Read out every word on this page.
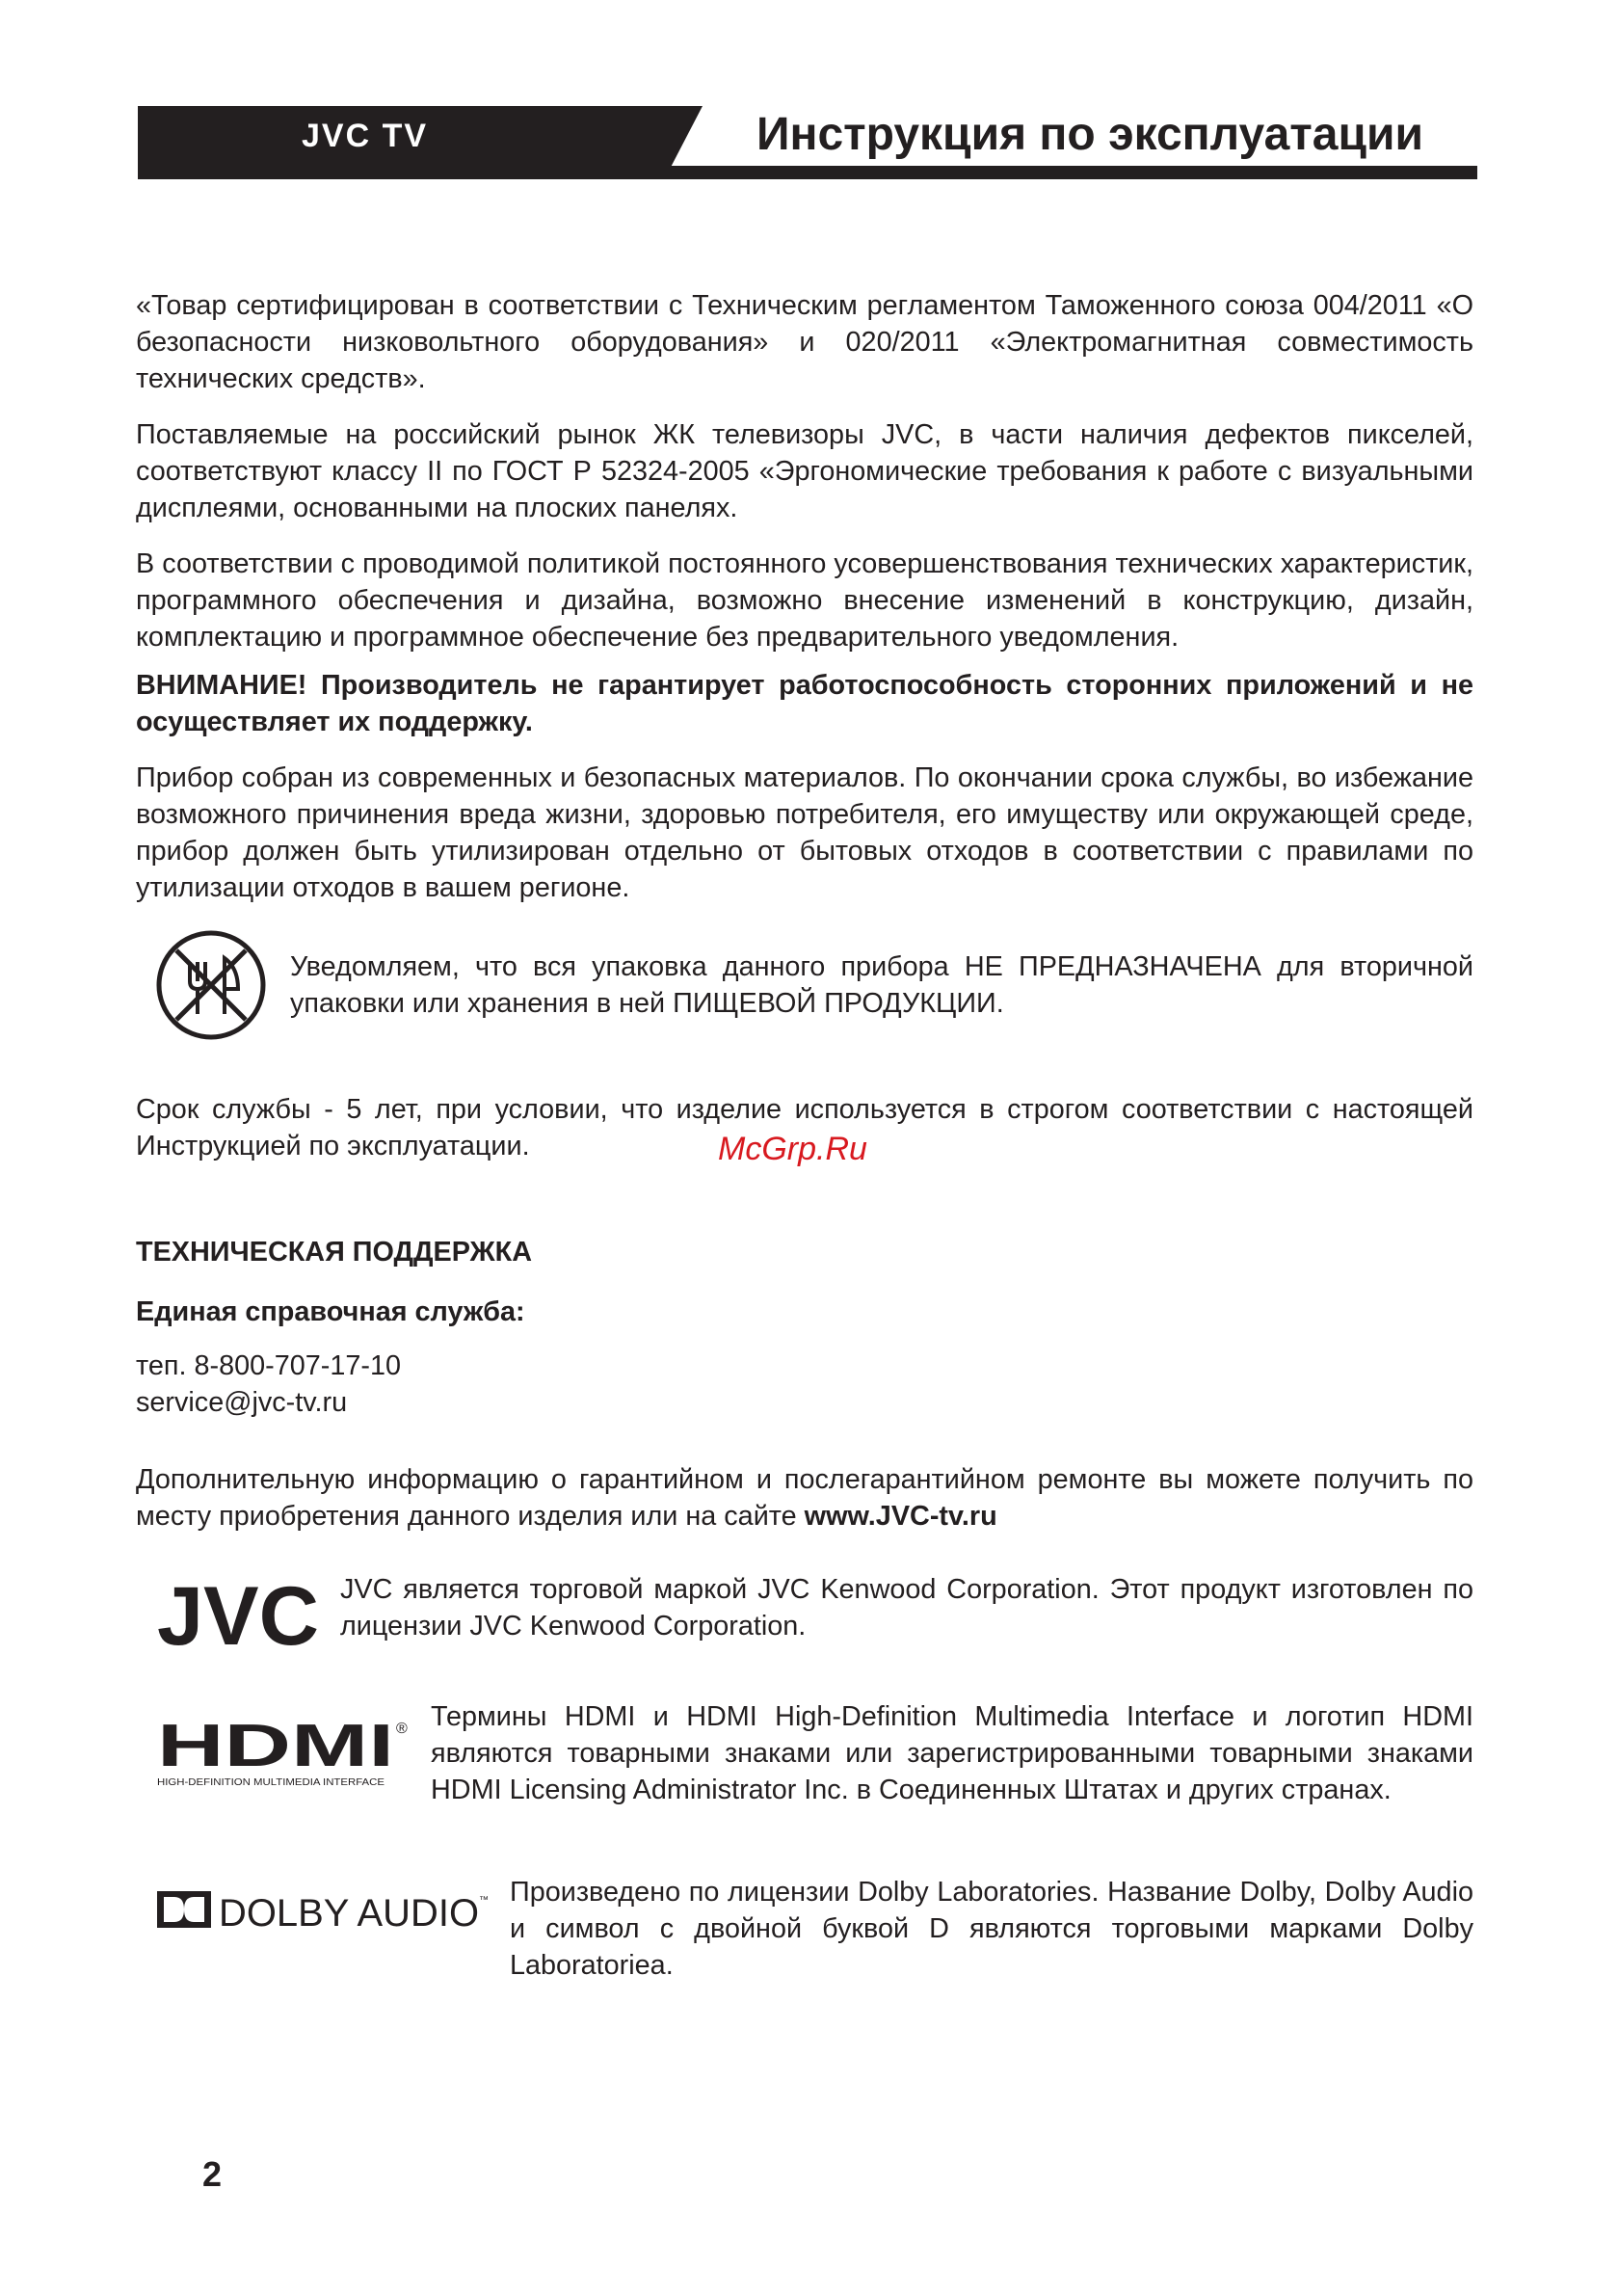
JVC TV	Инструкция по эксплуатации

«Товар сертифицирован в соответствии с Техническим регламентом Таможенного союза 004/2011 «О безопасности низковольтного оборудования» и 020/2011 «Электромагнитная совместимость технических средств».

Поставляемые на российский рынок ЖК телевизоры JVC, в части наличия дефектов пикселей, соответствуют классу II по ГОСТ Р 52324-2005 «Эргономические требования к работе с визуальными дисплеями, основанными на плоских панелях.

В соответствии с проводимой политикой постоянного усовершенствования технических характеристик, программного обеспечения и дизайна, возможно внесение изменений в конструкцию, дизайн, комплектацию и программное обеспечение без предварительного уведомления.

ВНИМАНИЕ! Производитель не гарантирует работоспособность сторонних приложений и не осуществляет их поддержку.

Прибор собран из современных и безопасных материалов. По окончании срока службы, во избежание возможного причинения вреда жизни, здоровью потребителя, его имуществу или окружающей среде, прибор должен быть утилизирован отдельно от бытовых отходов в соответствии с правилами по утилизации отходов в вашем регионе.

Уведомляем, что вся упаковка данного прибора НЕ ПРЕДНАЗНАЧЕНА для вторичной упаковки или хранения в ней ПИЩЕВОЙ ПРОДУКЦИИ.

Срок службы - 5 лет, при условии, что изделие используется в строгом соответствии с настоящей Инструкцией по эксплуатации.

ТЕХНИЧЕСКАЯ ПОДДЕРЖКА
Единая справочная служба:
теп. 8-800-707-17-10
service@jvc-tv.ru

Дополнительную информацию о гарантийном и послегарантийном ремонте вы можете получить по месту приобретения данного изделия или на сайте www.JVC-tv.ru

JVC JVC является торговой маркой JVC Kenwood Corporation. Этот продукт изготовлен по лицензии JVC Kenwood Corporation.

HDMI ®
HIGH-DEFINITION MULTIMEDIA INTERFACE

Термины HDMI и HDMI High-Definition Multimedia Interface и логотип HDMI являются товарными знаками или зарегистрированными товарными знаками HDMI Licensing Administrator Inc. в Соединенных Штатах и других странах.

DOLBY AUDIO ™ Произведено по лицензии Dolby Laboratories. Название Dolby, Dolby Audio и символ с двойной буквой D являются торговыми марками Dolby Laboratoriea.

McGrp.Ru
2
